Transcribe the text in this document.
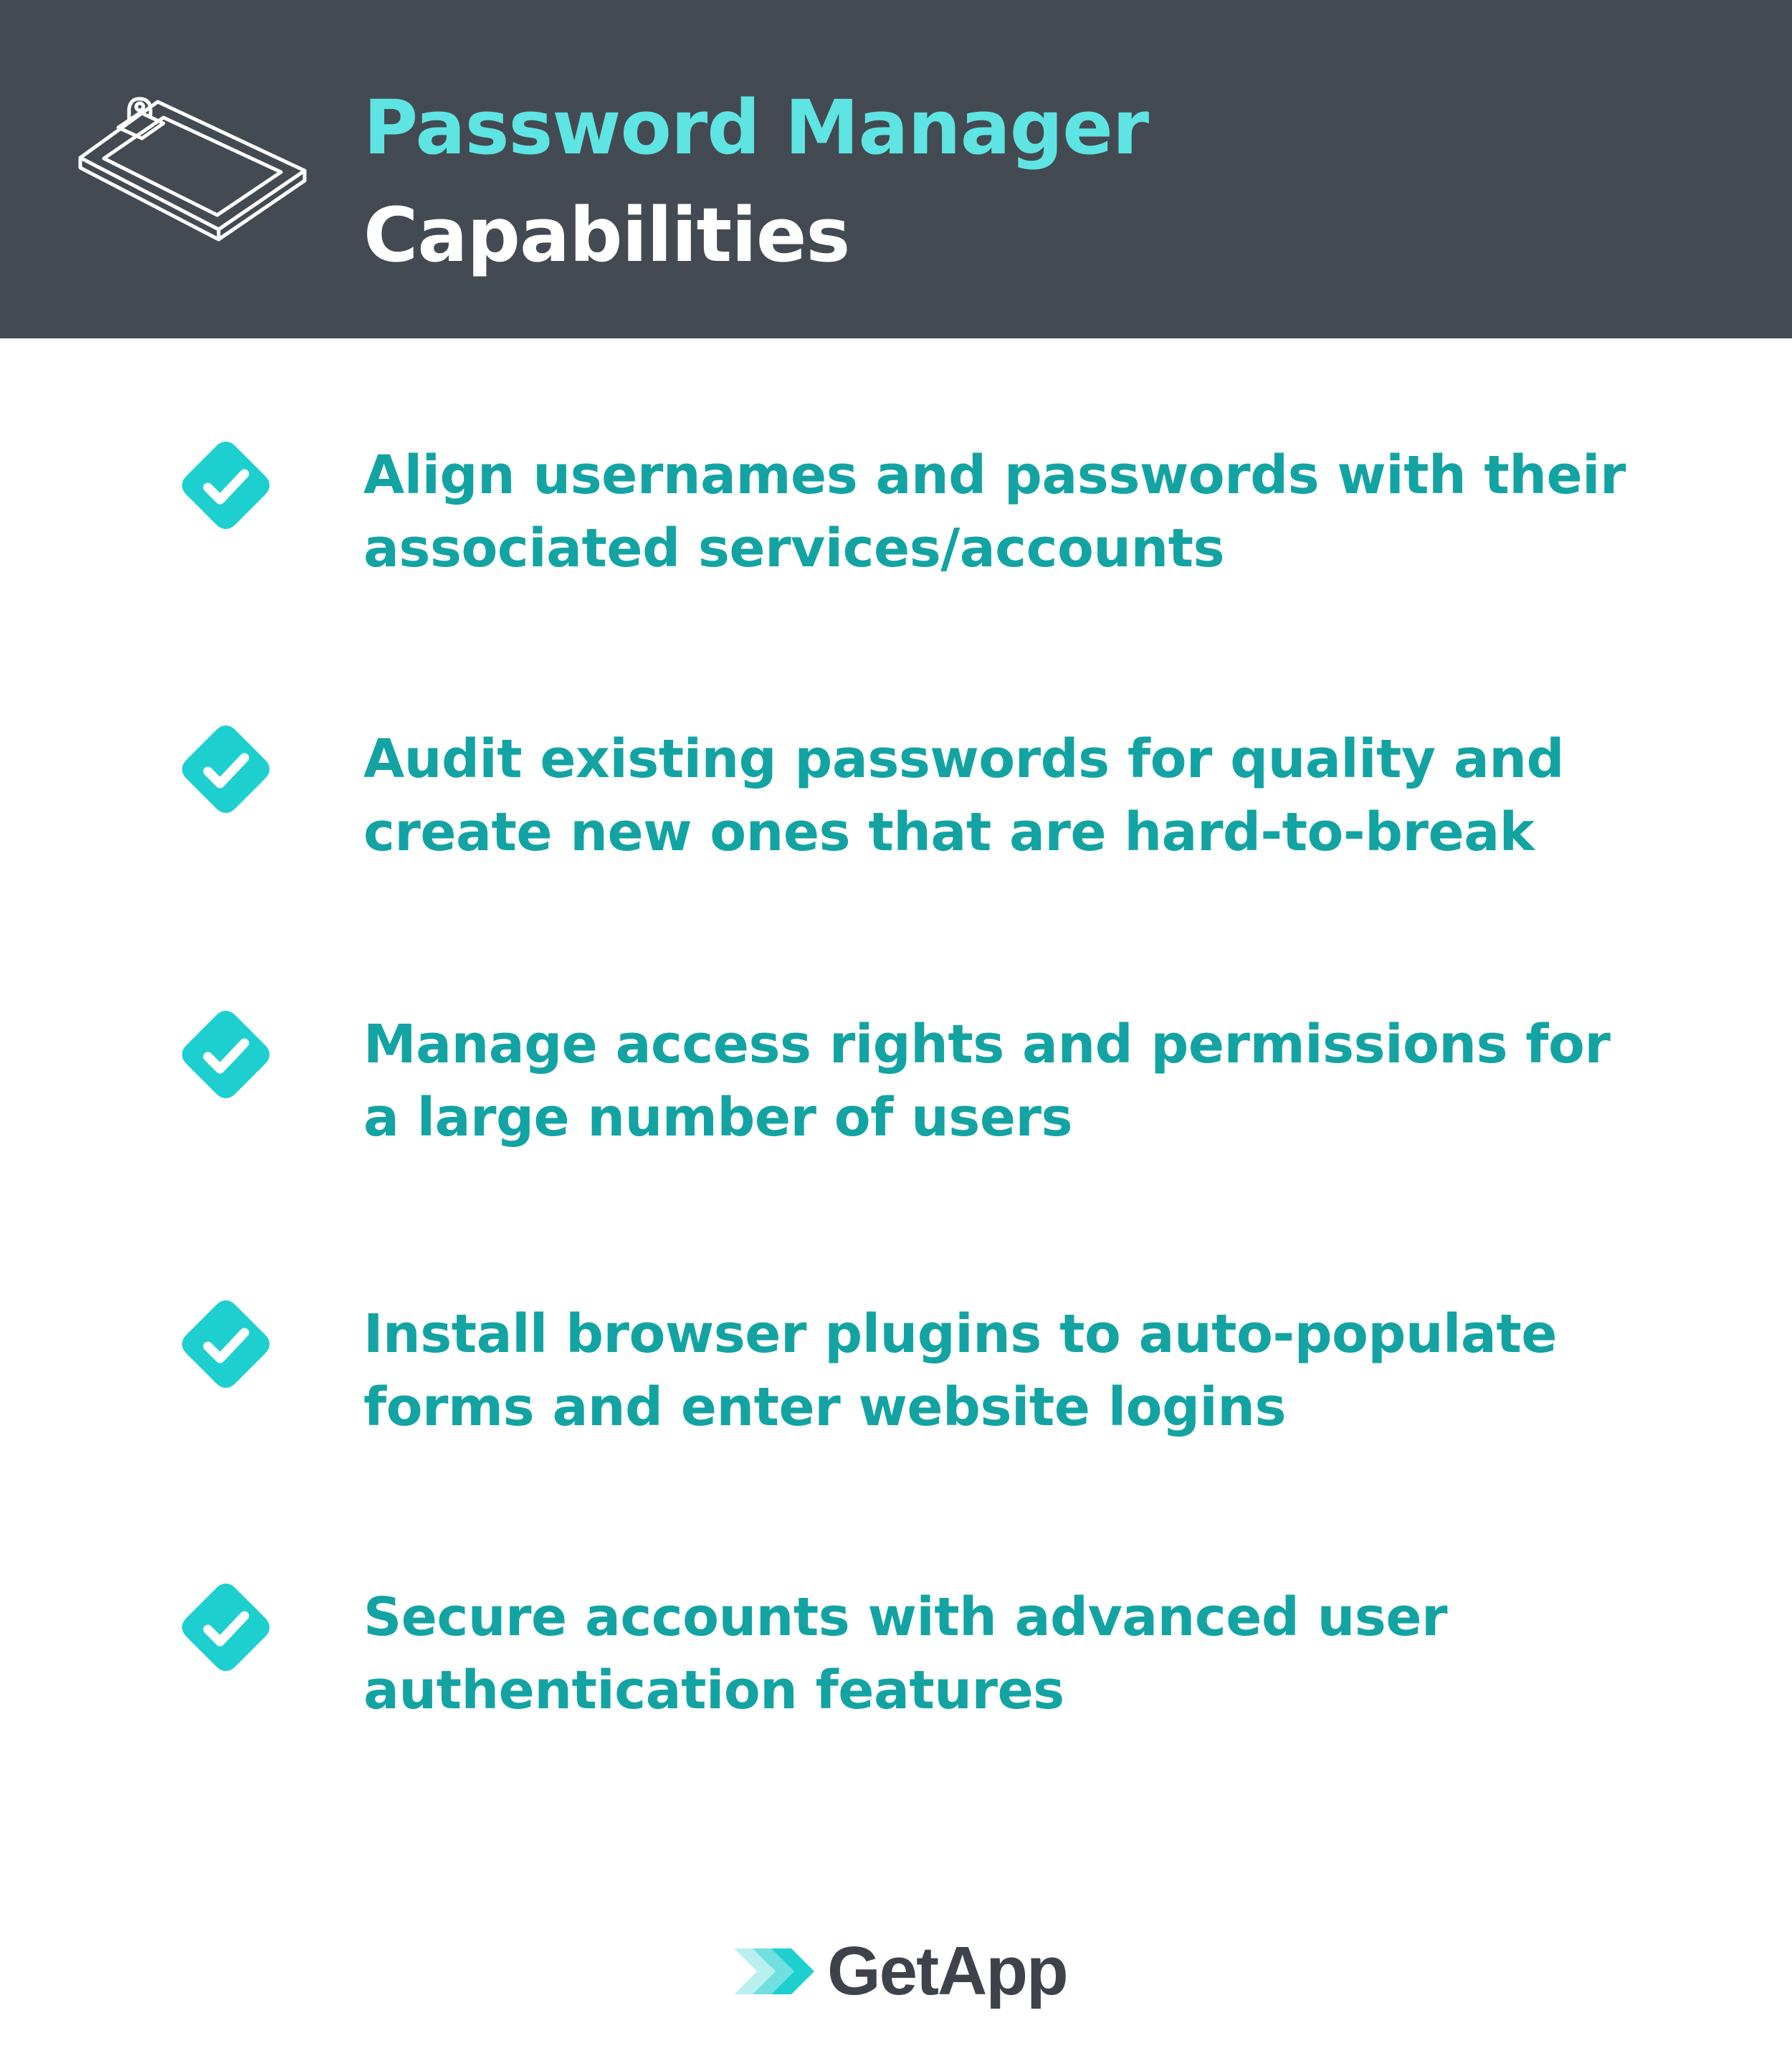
Password Manager
Capabilities

Align usernames and passwords with their
associated services/accounts

Audit existing passwords for quality and
create new ones that are hard-to-break

Manage access rights and permissions for
a large number of users

Install browser plugins to auto-populate
forms and enter website logins

Secure accounts with advanced user
authentication features

GetApp
